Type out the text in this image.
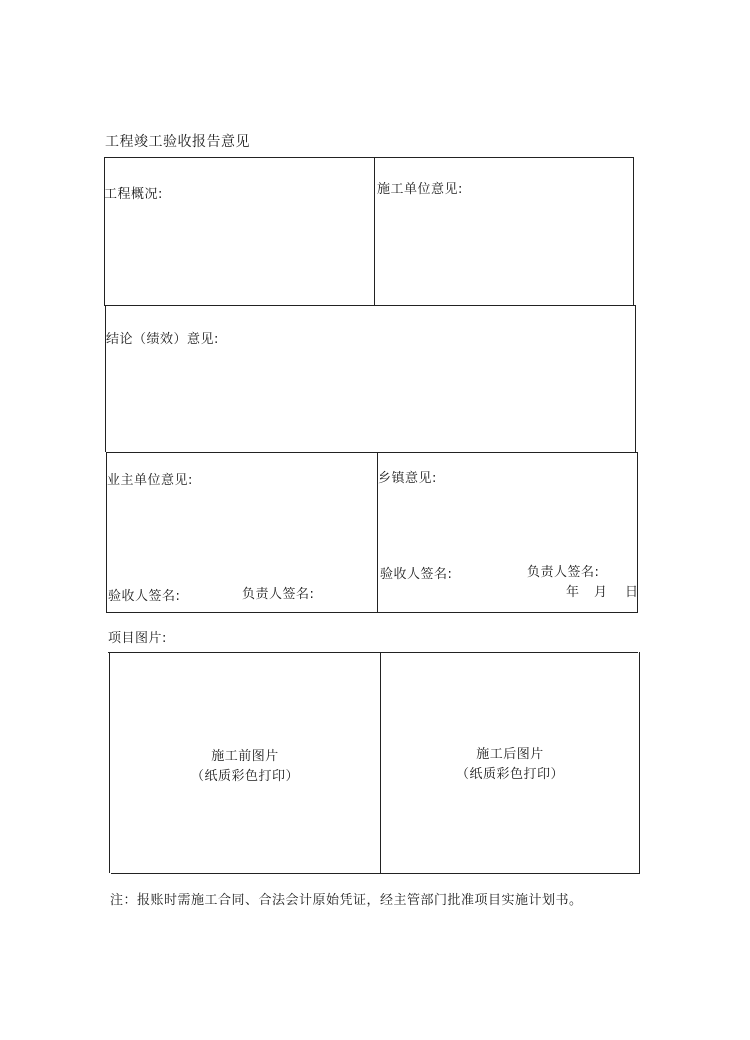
工程竣工验收报告意见
工程概况:	施工单位意见:
结论（绩效）意见:
业主单位意见:
验收人签名:	负责人签名:
乡镇意见:
验收人签名:	负责人签名:
年 月 日
项目图片:
施工前图片
（纸质彩色打印）
施工后图片
（纸质彩色打印）
注：报账时需施工合同、合法会计原始凭证，经主管部门批准项目实施计划书。
